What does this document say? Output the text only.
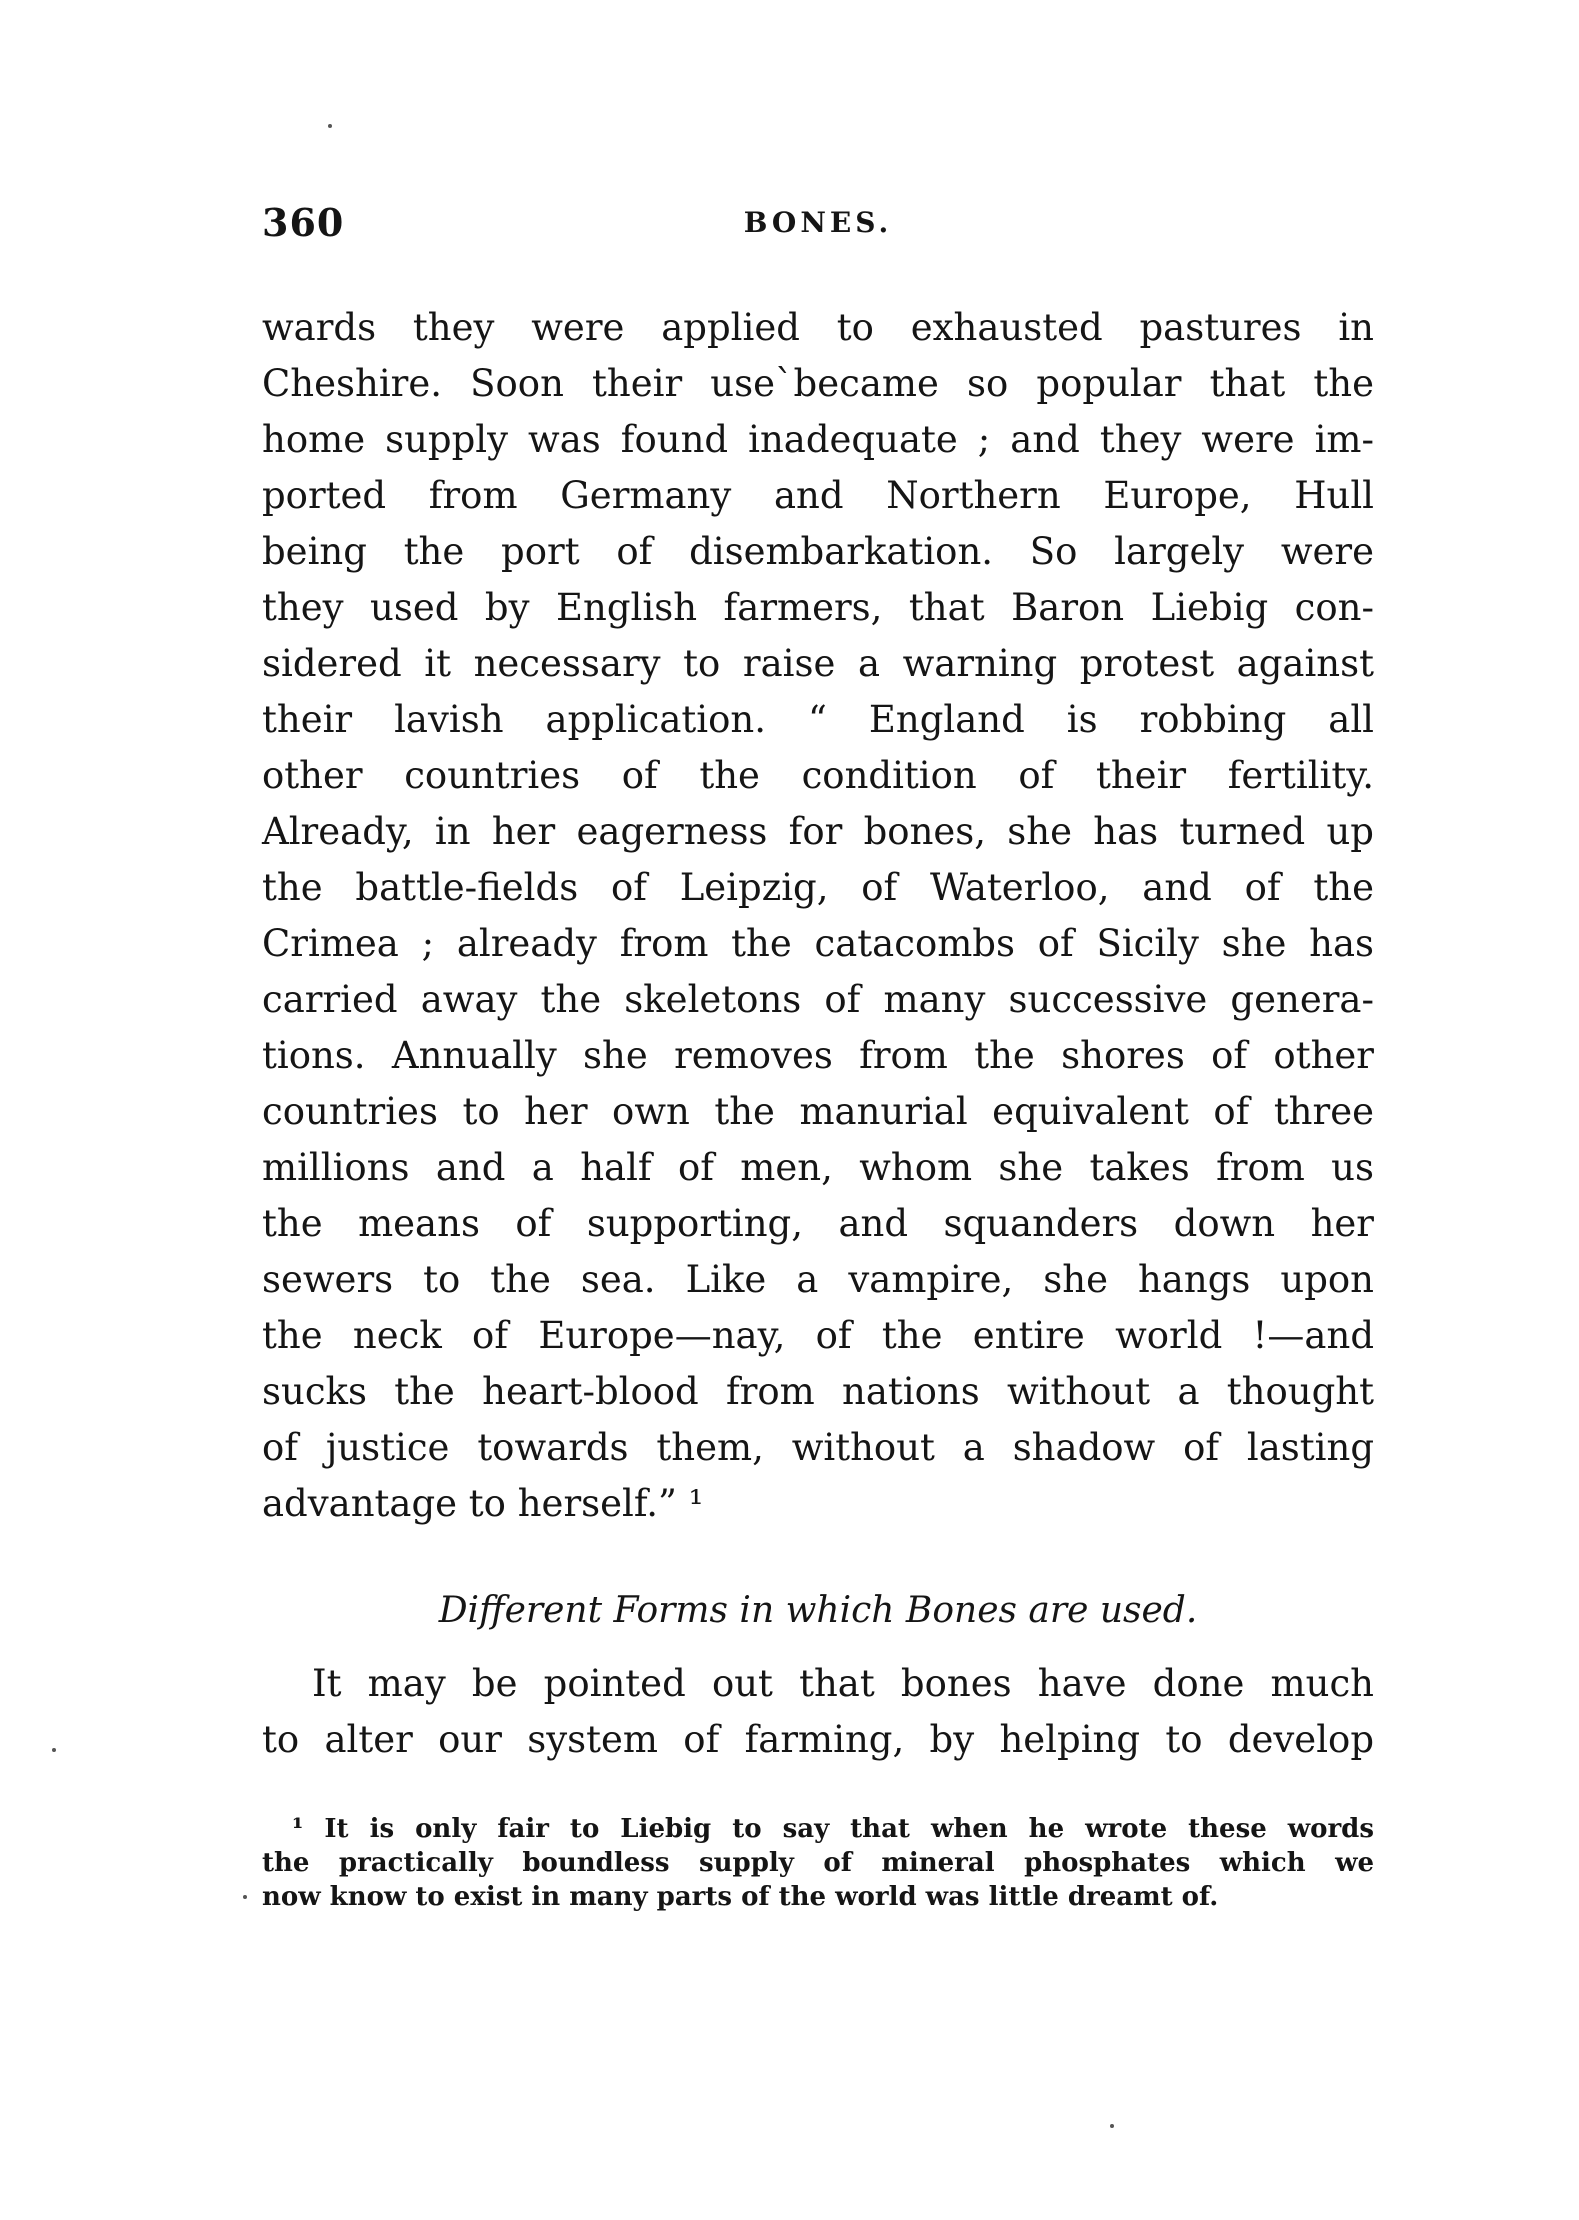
360	BONES.
wards they were applied to exhausted pastures in
Cheshire. Soon their use`became so popular that the
home supply was found inadequate ; and they were im-
ported from Germany and Northern Europe, Hull
being the port of disembarkation. So largely were
they used by English farmers, that Baron Liebig con-
sidered it necessary to raise a warning protest against
their lavish application. “ England is robbing all
other countries of the condition of their fertility.
Already, in her eagerness for bones, she has turned up
the battle-fields of Leipzig, of Waterloo, and of the
Crimea ; already from the catacombs of Sicily she has
carried away the skeletons of many successive genera-
tions. Annually she removes from the shores of other
countries to her own the manurial equivalent of three
millions and a half of men, whom she takes from us
the means of supporting, and squanders down her
sewers to the sea. Like a vampire, she hangs upon
the neck of Europe—nay, of the entire world !—and
sucks the heart-blood from nations without a thought
of justice towards them, without a shadow of lasting
advantage to herself.” ¹
Different Forms in which Bones are used.
It may be pointed out that bones have done much
to alter our system of farming, by helping to develop
¹ It is only fair to Liebig to say that when he wrote these words
the practically boundless supply of mineral phosphates which we
now know to exist in many parts of the world was little dreamt of.
